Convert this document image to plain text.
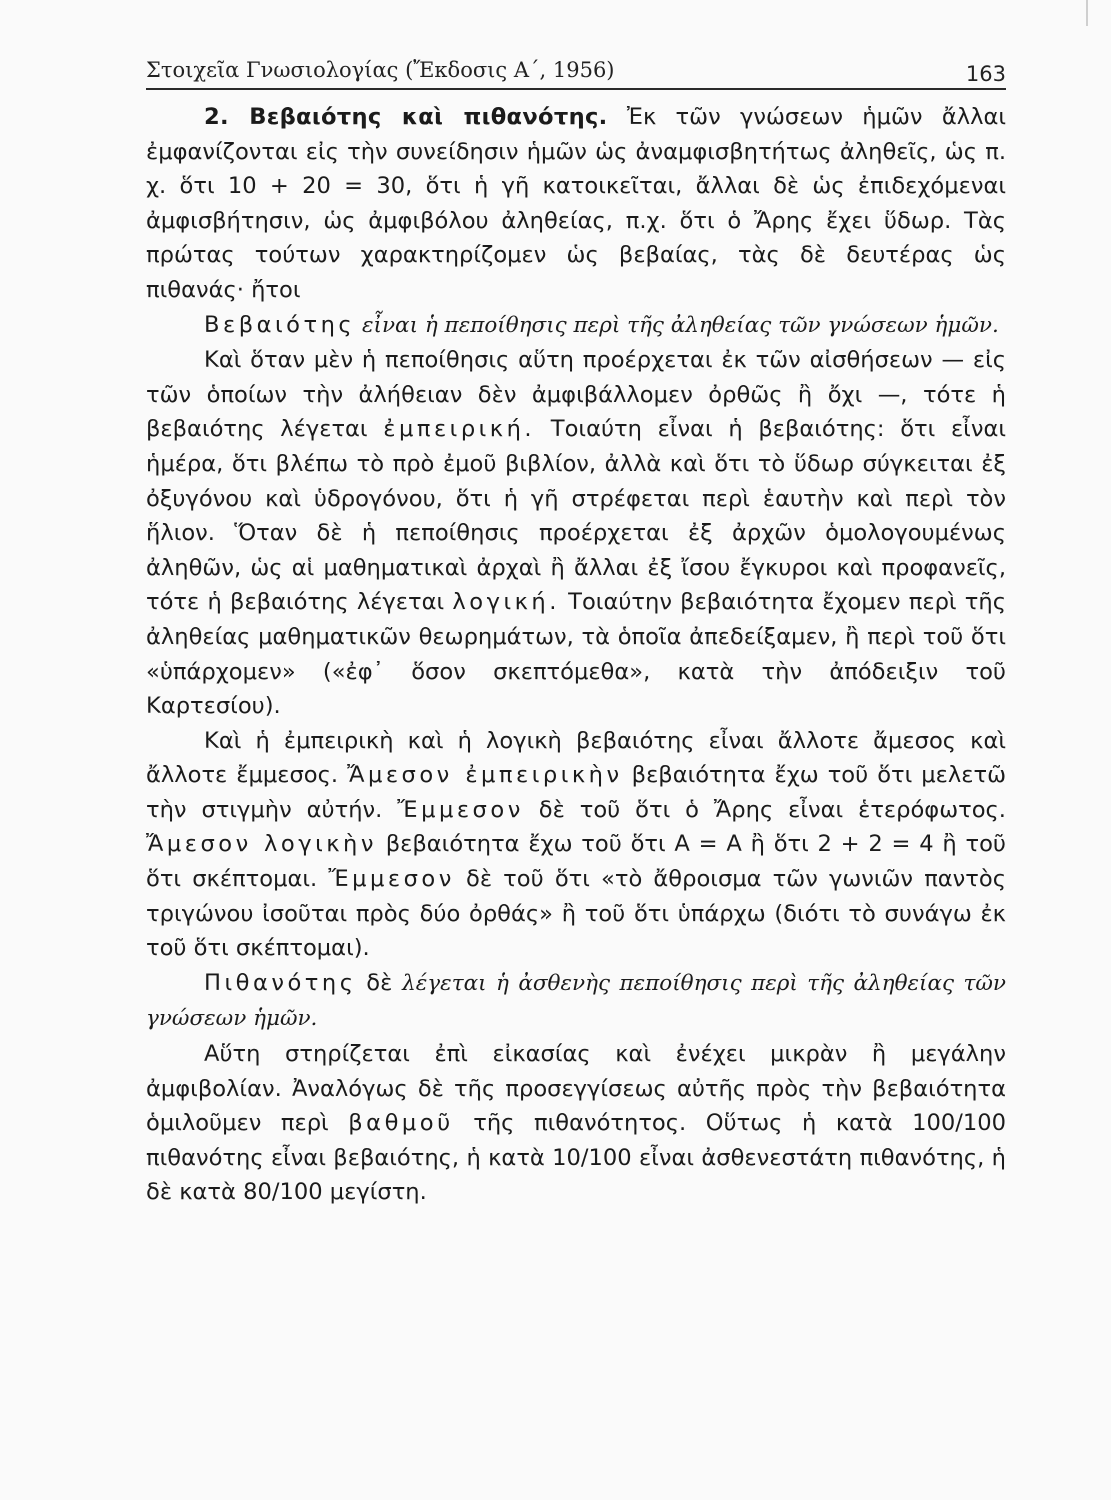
Στοιχεῖα Γνωσιολογίας (Ἔκδοσις Α΄, 1956)	163

2. Βεβαιότης καὶ πιθανότης. Ἐκ τῶν γνώσεων ἡμῶν ἄλλαι ἐμφανίζονται εἰς τὴν συνείδησιν ἡμῶν ὡς ἀναμφισβητήτως ἀληθεῖς, ὡς π. χ. ὅτι 10 + 20 = 30, ὅτι ἡ γῆ κατοικεῖται, ἄλλαι δὲ ὡς ἐπιδεχόμεναι ἀμφισβήτησιν, ὡς ἀμφιβόλου ἀληθείας, π.χ. ὅτι ὁ Ἄρης ἔχει ὕδωρ. Τὰς πρώτας τούτων χαρακτηρίζομεν ὡς βεβαίας, τὰς δὲ δευτέρας ὡς πιθανάς· ἤτοι

Βεβαιότης εἶναι ἡ πεποίθησις περὶ τῆς ἀληθείας τῶν γνώσεων ἡμῶν.

Καὶ ὅταν μὲν ἡ πεποίθησις αὕτη προέρχεται ἐκ τῶν αἰσθήσεων — εἰς τῶν ὁποίων τὴν ἀλήθειαν δὲν ἀμφιβάλλομεν ὀρθῶς ἢ ὄχι —, τότε ἡ βεβαιότης λέγεται ἐμπειρική. Τοιαύτη εἶναι ἡ βεβαιότης: ὅτι εἶναι ἡμέρα, ὅτι βλέπω τὸ πρὸ ἐμοῦ βιβλίον, ἀλλὰ καὶ ὅτι τὸ ὕδωρ σύγκειται ἐξ ὀξυγόνου καὶ ὑδρογόνου, ὅτι ἡ γῆ στρέφεται περὶ ἑαυτὴν καὶ περὶ τὸν ἥλιον. Ὅταν δὲ ἡ πεποίθησις προέρχεται ἐξ ἀρχῶν ὁμολογουμένως ἀληθῶν, ὡς αἱ μαθηματικαὶ ἀρχαὶ ἢ ἄλλαι ἐξ ἴσου ἔγκυροι καὶ προφανεῖς, τότε ἡ βεβαιότης λέγεται λογική. Τοιαύτην βεβαιότητα ἔχομεν περὶ τῆς ἀληθείας μαθηματικῶν θεωρημάτων, τὰ ὁποῖα ἀπεδείξαμεν, ἢ περὶ τοῦ ὅτι «ὑπάρχομεν» («ἐφ᾽ ὅσον σκεπτόμεθα», κατὰ τὴν ἀπόδειξιν τοῦ Καρτεσίου).

Καὶ ἡ ἐμπειρικὴ καὶ ἡ λογικὴ βεβαιότης εἶναι ἄλλοτε ἄμεσος καὶ ἄλλοτε ἔμμεσος. Ἄμεσον ἐμπειρικὴν βεβαιότητα ἔχω τοῦ ὅτι μελετῶ τὴν στιγμὴν αὐτήν. Ἔμμεσον δὲ τοῦ ὅτι ὁ Ἄρης εἶναι ἑτερόφωτος. Ἄμεσον λογικὴν βεβαιότητα ἔχω τοῦ ὅτι Α = Α ἢ ὅτι 2 + 2 = 4 ἢ τοῦ ὅτι σκέπτομαι. Ἔμμεσον δὲ τοῦ ὅτι «τὸ ἄθροισμα τῶν γωνιῶν παντὸς τριγώνου ἰσοῦται πρὸς δύο ὀρθάς» ἢ τοῦ ὅτι ὑπάρχω (διότι τὸ συνάγω ἐκ τοῦ ὅτι σκέπτομαι).

Πιθανότης δὲ λέγεται ἡ ἀσθενὴς πεποίθησις περὶ τῆς ἀληθείας τῶν γνώσεων ἡμῶν.

Αὕτη στηρίζεται ἐπὶ εἰκασίας καὶ ἐνέχει μικρὰν ἢ μεγάλην ἀμφιβολίαν. Ἀναλόγως δὲ τῆς προσεγγίσεως αὐτῆς πρὸς τὴν βεβαιότητα ὁμιλοῦμεν περὶ βαθμοῦ τῆς πιθανότητος. Οὕτως ἡ κατὰ 100/100 πιθανότης εἶναι βεβαιότης, ἡ κατὰ 10/100 εἶναι ἀσθενεστάτη πιθανότης, ἡ δὲ κατὰ 80/100 μεγίστη.
